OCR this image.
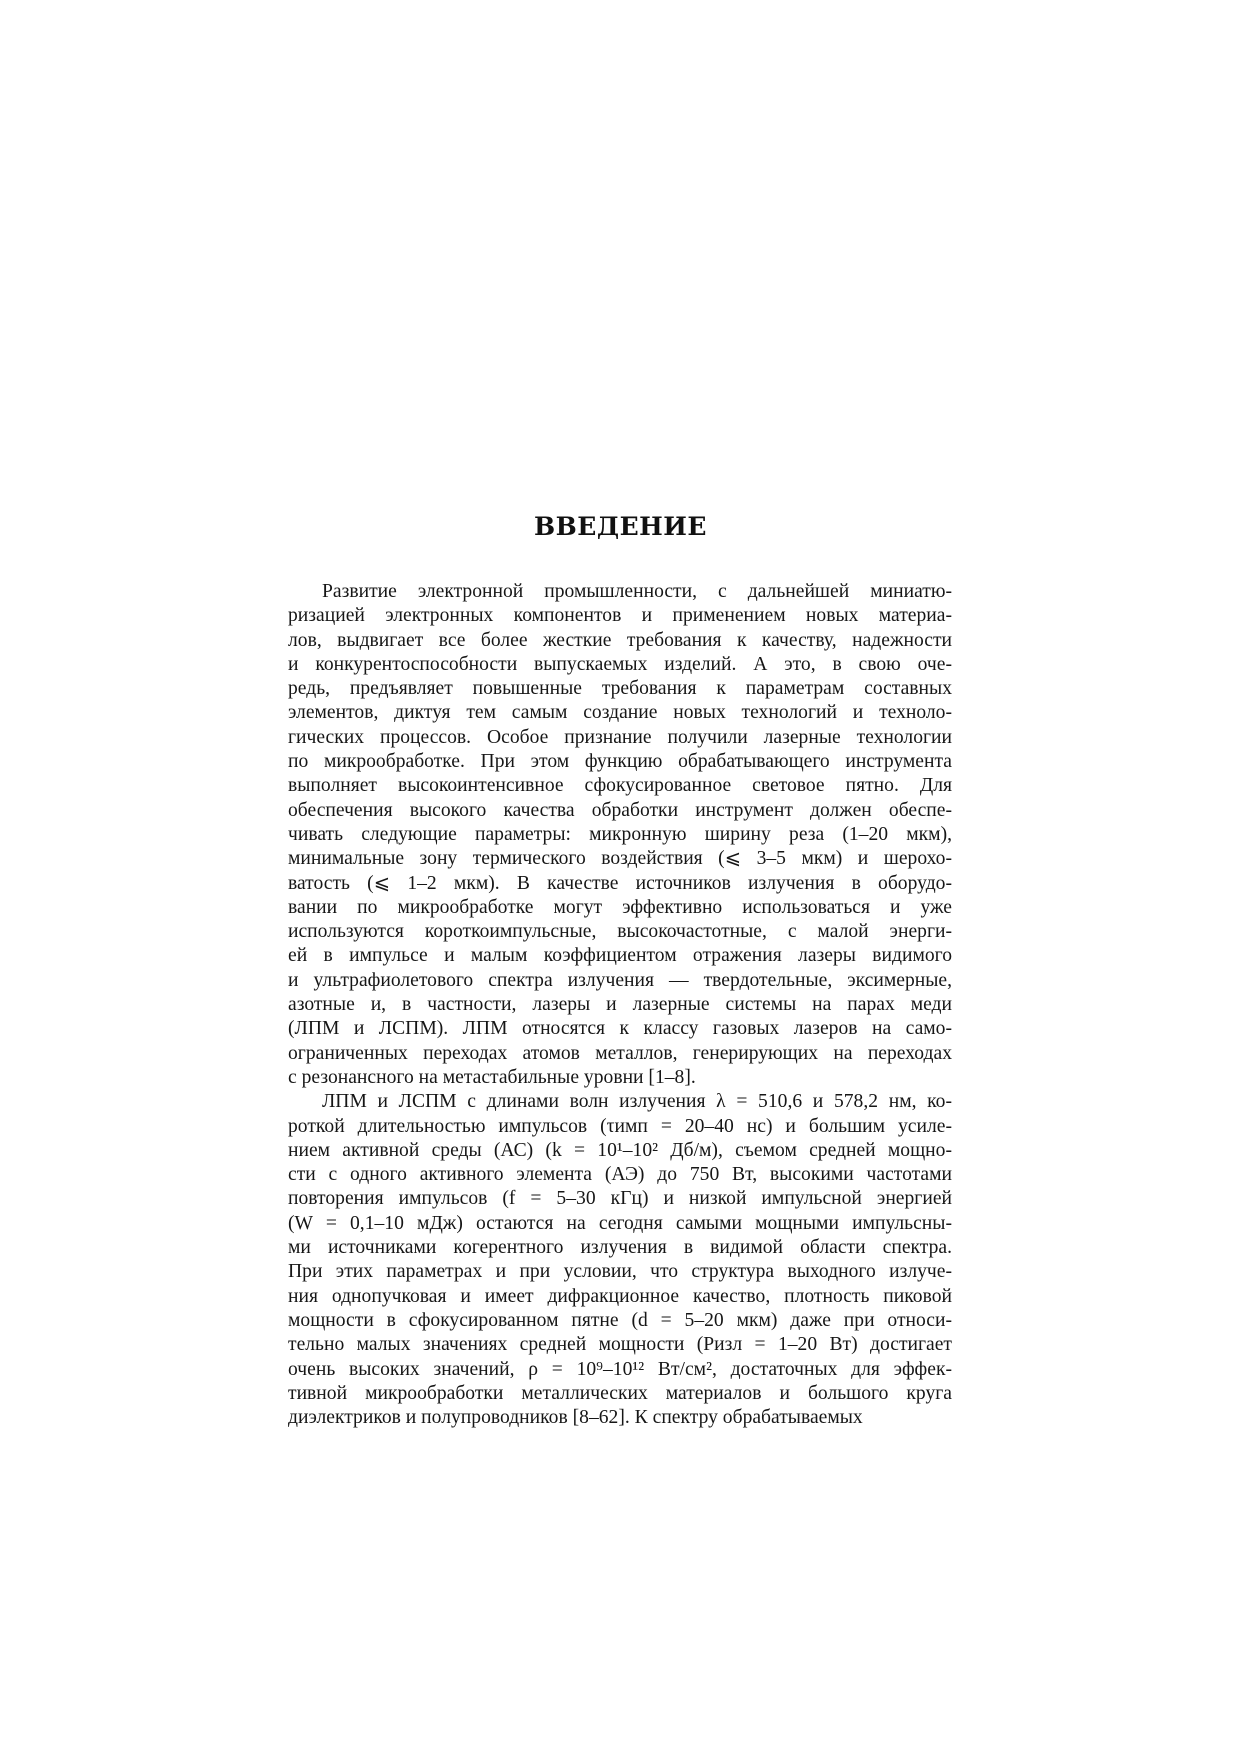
ВВЕДЕНИЕ
Развитие электронной промышленности, с дальнейшей миниатю-
ризацией электронных компонентов и применением новых материа-
лов, выдвигает все более жесткие требования к качеству, надежности
и конкурентоспособности выпускаемых изделий. А это, в свою оче-
редь, предъявляет повышенные требования к параметрам составных
элементов, диктуя тем самым создание новых технологий и техноло-
гических процессов. Особое признание получили лазерные технологии
по микрообработке. При этом функцию обрабатывающего инструмента
выполняет высокоинтенсивное сфокусированное световое пятно. Для
обеспечения высокого качества обработки инструмент должен обеспе-
чивать следующие параметры: микронную ширину реза (1–20 мкм),
минимальные зону термического воздействия (⩽ 3–5 мкм) и шерохо-
ватость (⩽ 1–2 мкм). В качестве источников излучения в оборудо-
вании по микрообработке могут эффективно использоваться и уже
используются короткоимпульсные, высокочастотные, с малой энерги-
ей в импульсе и малым коэффициентом отражения лазеры видимого
и ультрафиолетового спектра излучения — твердотельные, эксимерные,
азотные и, в частности, лазеры и лазерные системы на парах меди
(ЛПМ и ЛСПМ). ЛПМ относятся к классу газовых лазеров на само-
ограниченных переходах атомов металлов, генерирующих на переходах
с резонансного на метастабильные уровни [1–8].
ЛПМ и ЛСПМ с длинами волн излучения λ = 510,6 и 578,2 нм, ко-
роткой длительностью импульсов (τимп = 20–40 нс) и большим усиле-
нием активной среды (АС) (k = 10¹–10² Дб/м), съемом средней мощно-
сти с одного активного элемента (АЭ) до 750 Вт, высокими частотами
повторения импульсов (f = 5–30 кГц) и низкой импульсной энергией
(W = 0,1–10 мДж) остаются на сегодня самыми мощными импульсны-
ми источниками когерентного излучения в видимой области спектра.
При этих параметрах и при условии, что структура выходного излуче-
ния однопучковая и имеет дифракционное качество, плотность пиковой
мощности в сфокусированном пятне (d = 5–20 мкм) даже при относи-
тельно малых значениях средней мощности (Pизл = 1–20 Вт) достигает
очень высоких значений, ρ = 10⁹–10¹² Вт/см², достаточных для эффек-
тивной микрообработки металлических материалов и большого круга
диэлектриков и полупроводников [8–62]. К спектру обрабатываемых
